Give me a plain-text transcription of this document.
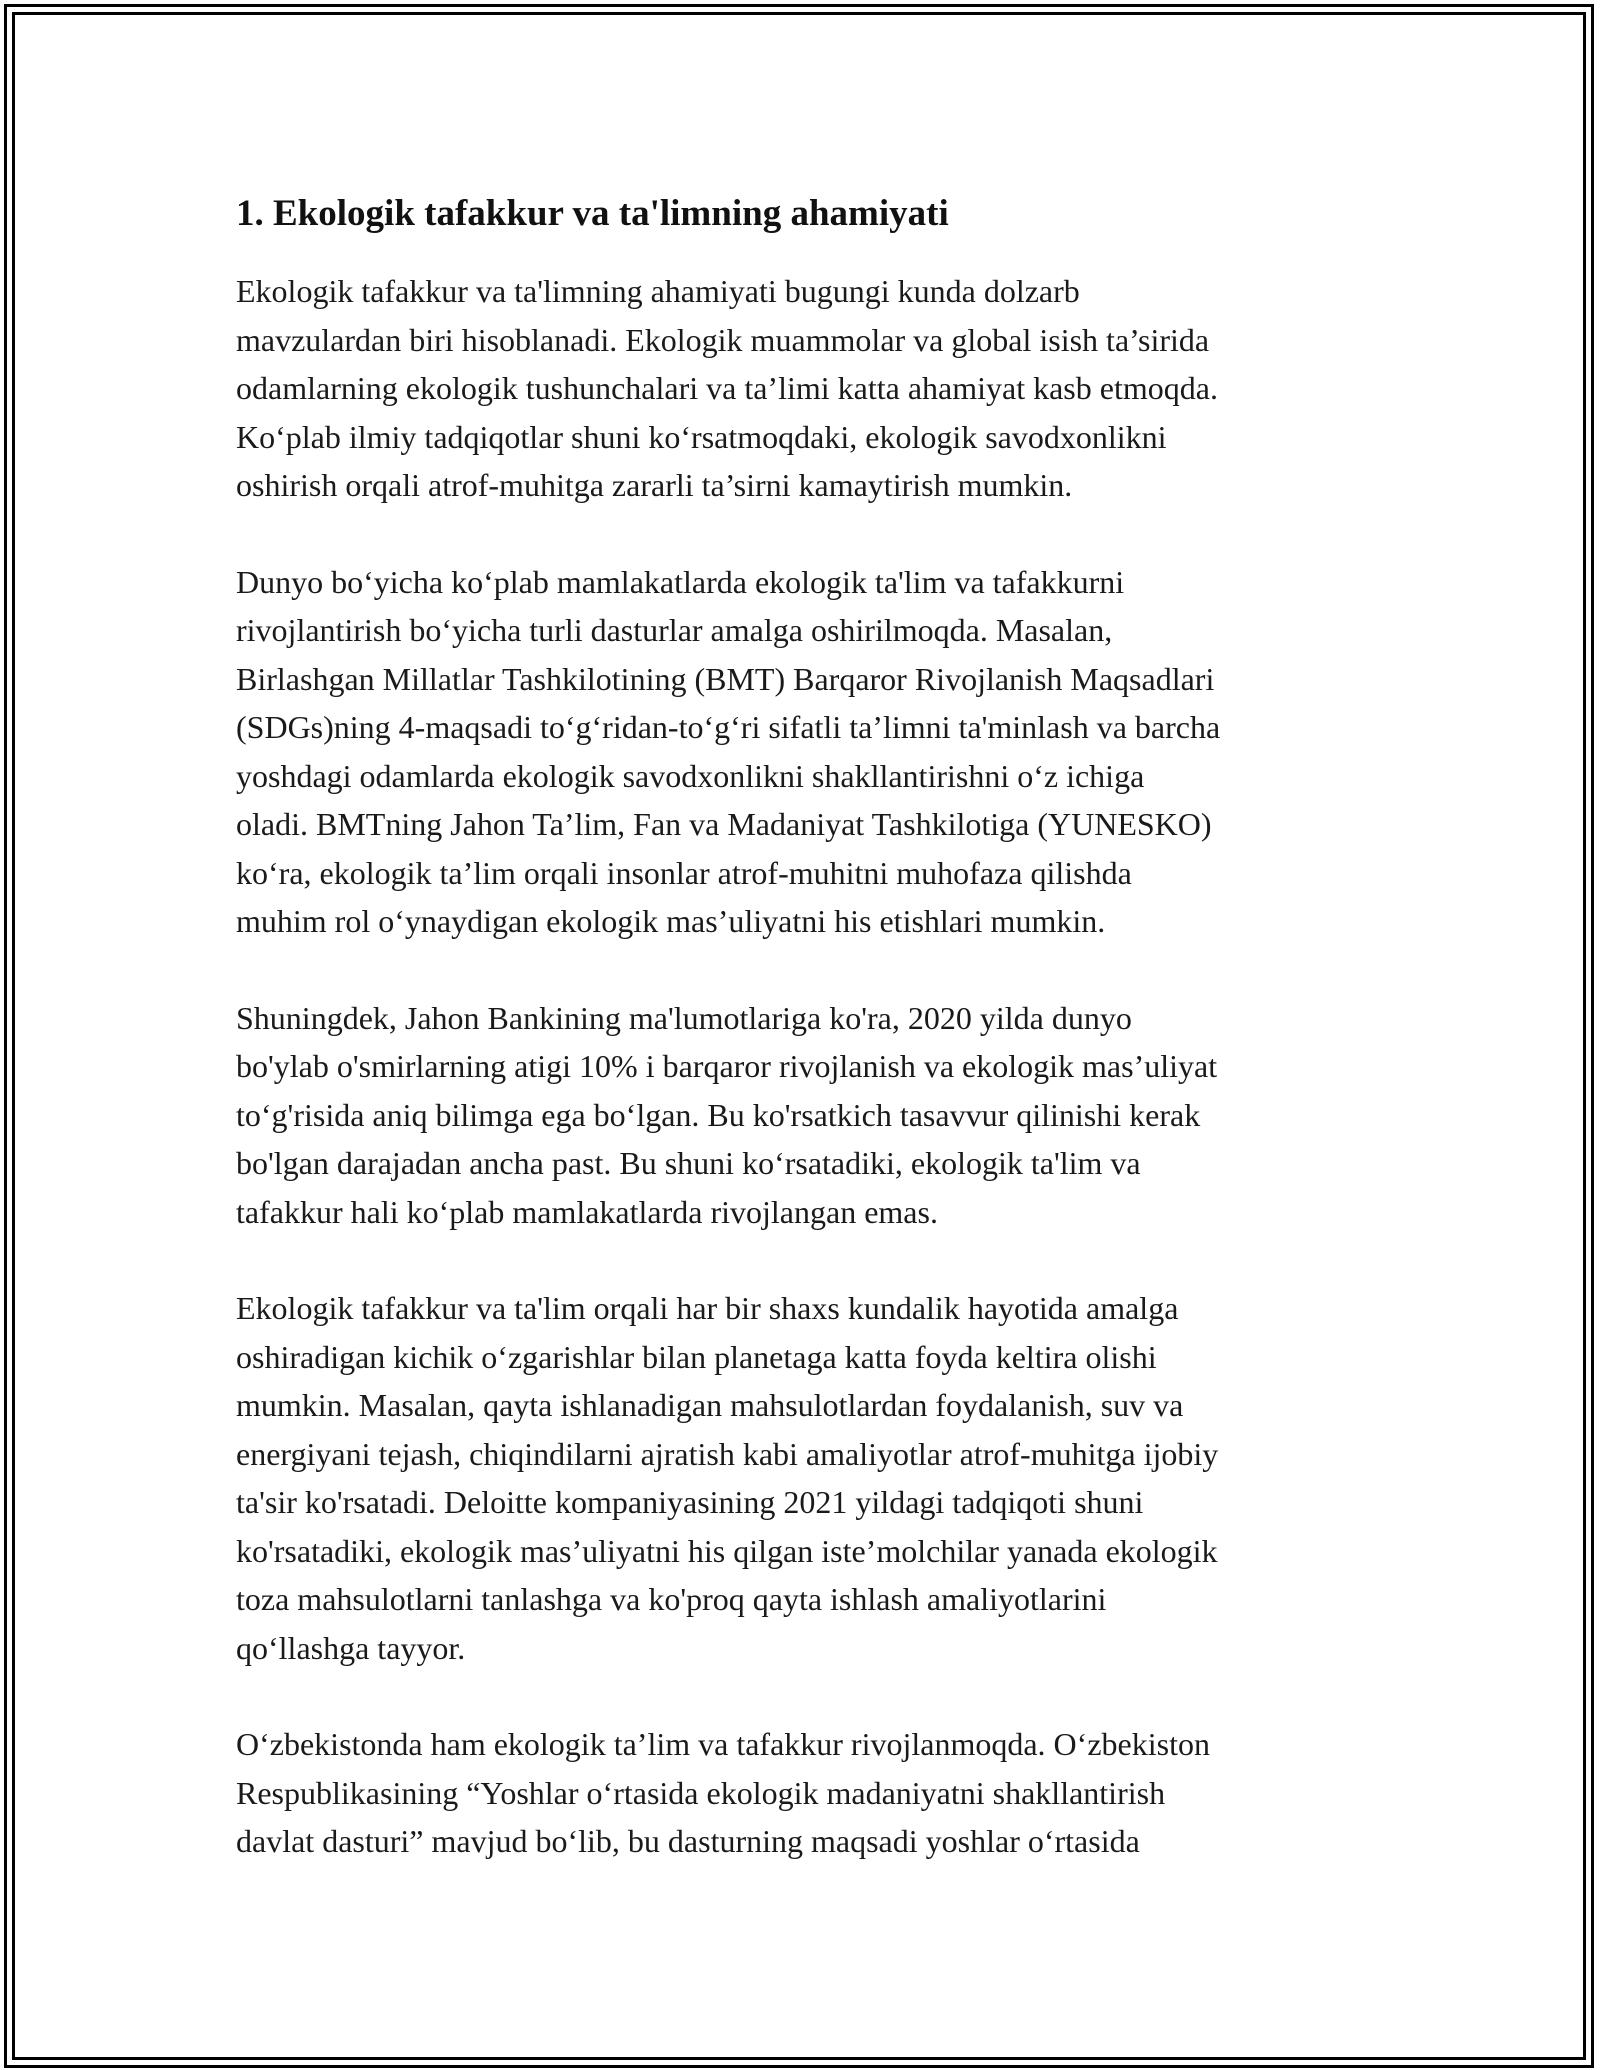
1. Ekologik tafakkur va ta'limning ahamiyati

Ekologik tafakkur va ta'limning ahamiyati bugungi kunda dolzarb
mavzulardan biri hisoblanadi. Ekologik muammolar va global isish ta’sirida
odamlarning ekologik tushunchalari va ta’limi katta ahamiyat kasb etmoqda.
Ko‘plab ilmiy tadqiqotlar shuni ko‘rsatmoqdaki, ekologik savodxonlikni
oshirish orqali atrof-muhitga zararli ta’sirni kamaytirish mumkin.

Dunyo bo‘yicha ko‘plab mamlakatlarda ekologik ta'lim va tafakkurni
rivojlantirish bo‘yicha turli dasturlar amalga oshirilmoqda. Masalan,
Birlashgan Millatlar Tashkilotining (BMT) Barqaror Rivojlanish Maqsadlari
(SDGs)ning 4-maqsadi to‘g‘ridan-to‘g‘ri sifatli ta’limni ta'minlash va barcha
yoshdagi odamlarda ekologik savodxonlikni shakllantirishni o‘z ichiga
oladi. BMTning Jahon Ta’lim, Fan va Madaniyat Tashkilotiga (YUNESKO)
ko‘ra, ekologik ta’lim orqali insonlar atrof-muhitni muhofaza qilishda
muhim rol o‘ynaydigan ekologik mas’uliyatni his etishlari mumkin.

Shuningdek, Jahon Bankining ma'lumotlariga ko'ra, 2020 yilda dunyo
bo'ylab o'smirlarning atigi 10% i barqaror rivojlanish va ekologik mas’uliyat
to‘g'risida aniq bilimga ega bo‘lgan. Bu ko'rsatkich tasavvur qilinishi kerak
bo'lgan darajadan ancha past. Bu shuni ko‘rsatadiki, ekologik ta'lim va
tafakkur hali ko‘plab mamlakatlarda rivojlangan emas.

Ekologik tafakkur va ta'lim orqali har bir shaxs kundalik hayotida amalga
oshiradigan kichik o‘zgarishlar bilan planetaga katta foyda keltira olishi
mumkin. Masalan, qayta ishlanadigan mahsulotlardan foydalanish, suv va
energiyani tejash, chiqindilarni ajratish kabi amaliyotlar atrof-muhitga ijobiy
ta'sir ko'rsatadi. Deloitte kompaniyasining 2021 yildagi tadqiqoti shuni
ko'rsatadiki, ekologik mas’uliyatni his qilgan iste’molchilar yanada ekologik
toza mahsulotlarni tanlashga va ko'proq qayta ishlash amaliyotlarini
qo‘llashga tayyor.

O‘zbekistonda ham ekologik ta’lim va tafakkur rivojlanmoqda. O‘zbekiston
Respublikasining “Yoshlar o‘rtasida ekologik madaniyatni shakllantirish
davlat dasturi” mavjud bo‘lib, bu dasturning maqsadi yoshlar o‘rtasida
